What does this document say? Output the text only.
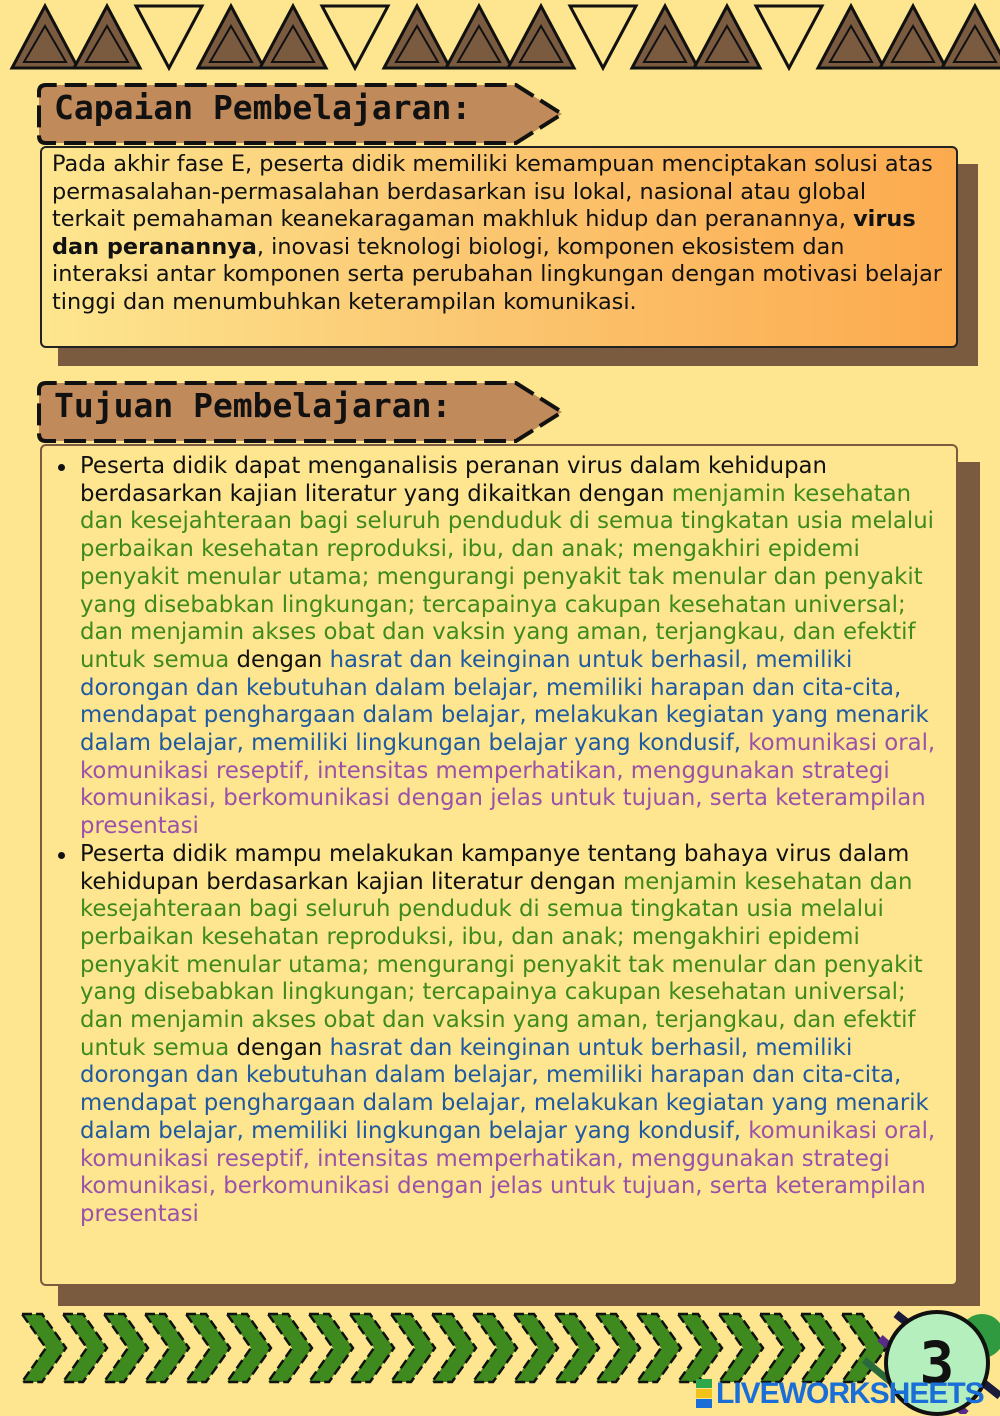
Capaian Pembelajaran:
Pada akhir fase E, peserta didik memiliki kemampuan menciptakan solusi atas permasalahan-permasalahan berdasarkan isu lokal, nasional atau global terkait pemahaman keanekaragaman makhluk hidup dan peranannya, virus dan peranannya, inovasi teknologi biologi, komponen ekosistem dan interaksi antar komponen serta perubahan lingkungan dengan motivasi belajar tinggi dan menumbuhkan keterampilan komunikasi.
Tujuan Pembelajaran:
Peserta didik dapat menganalisis peranan virus dalam kehidupan berdasarkan kajian literatur yang dikaitkan dengan menjamin kesehatan dan kesejahteraan bagi seluruh penduduk di semua tingkatan usia melalui perbaikan kesehatan reproduksi, ibu, dan anak; mengakhiri epidemi penyakit menular utama; mengurangi penyakit tak menular dan penyakit yang disebabkan lingkungan; tercapainya cakupan kesehatan universal; dan menjamin akses obat dan vaksin yang aman, terjangkau, dan efektif untuk semua dengan hasrat dan keinginan untuk berhasil, memiliki dorongan dan kebutuhan dalam belajar, memiliki harapan dan cita-cita, mendapat penghargaan dalam belajar, melakukan kegiatan yang menarik dalam belajar, memiliki lingkungan belajar yang kondusif, komunikasi oral, komunikasi reseptif, intensitas memperhatikan, menggunakan strategi komunikasi, berkomunikasi dengan jelas untuk tujuan, serta keterampilan presentasi
Peserta didik mampu melakukan kampanye tentang bahaya virus dalam kehidupan berdasarkan kajian literatur dengan menjamin kesehatan dan kesejahteraan bagi seluruh penduduk di semua tingkatan usia melalui perbaikan kesehatan reproduksi, ibu, dan anak; mengakhiri epidemi penyakit menular utama; mengurangi penyakit tak menular dan penyakit yang disebabkan lingkungan; tercapainya cakupan kesehatan universal; dan menjamin akses obat dan vaksin yang aman, terjangkau, dan efektif untuk semua dengan hasrat dan keinginan untuk berhasil, memiliki dorongan dan kebutuhan dalam belajar, memiliki harapan dan cita-cita, mendapat penghargaan dalam belajar, melakukan kegiatan yang menarik dalam belajar, memiliki lingkungan belajar yang kondusif, komunikasi oral, komunikasi reseptif, intensitas memperhatikan, menggunakan strategi komunikasi, berkomunikasi dengan jelas untuk tujuan, serta keterampilan presentasi
3
LIVEWORKSHEETS
